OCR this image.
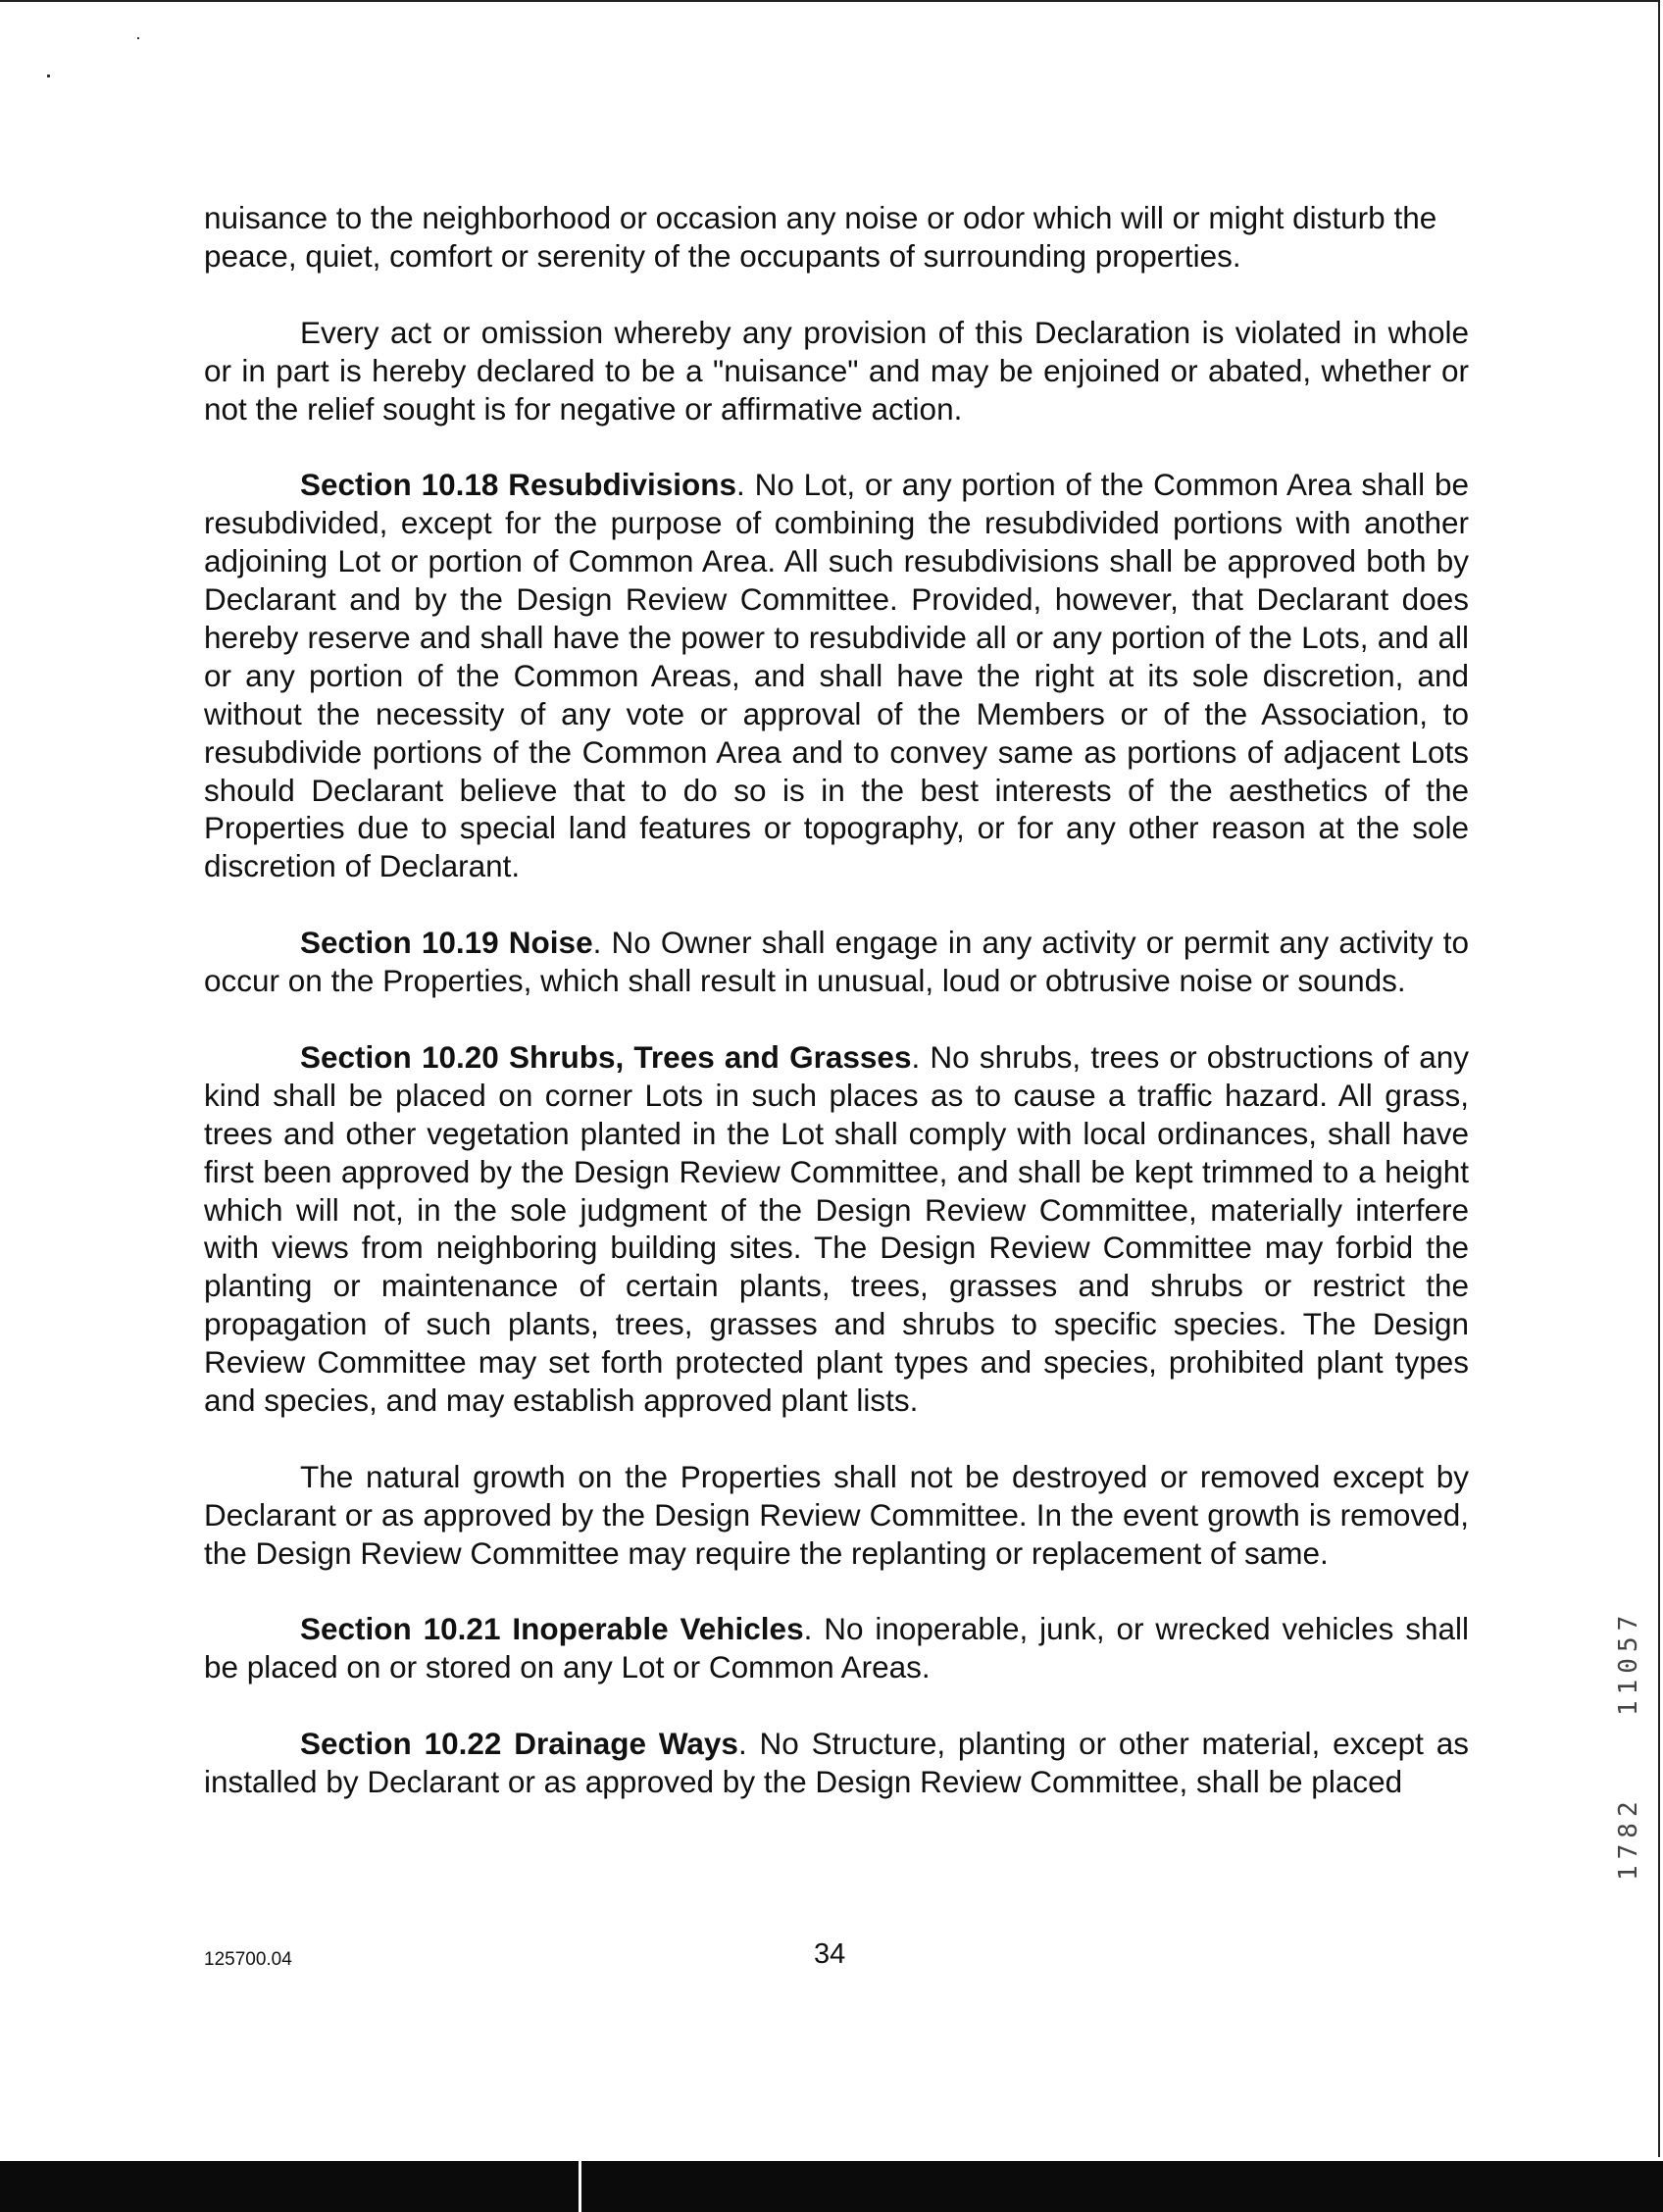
nuisance to the neighborhood or occasion any noise or odor which will or might disturb the peace, quiet, comfort or serenity of the occupants of surrounding properties.

Every act or omission whereby any provision of this Declaration is violated in whole or in part is hereby declared to be a "nuisance" and may be enjoined or abated, whether or not the relief sought is for negative or affirmative action.

Section 10.18 Resubdivisions. No Lot, or any portion of the Common Area shall be resubdivided, except for the purpose of combining the resubdivided portions with another adjoining Lot or portion of Common Area. All such resubdivisions shall be approved both by Declarant and by the Design Review Committee. Provided, however, that Declarant does hereby reserve and shall have the power to resubdivide all or any portion of the Lots, and all or any portion of the Common Areas, and shall have the right at its sole discretion, and without the necessity of any vote or approval of the Members or of the Association, to resubdivide portions of the Common Area and to convey same as portions of adjacent Lots should Declarant believe that to do so is in the best interests of the aesthetics of the Properties due to special land features or topography, or for any other reason at the sole discretion of Declarant.

Section 10.19 Noise. No Owner shall engage in any activity or permit any activity to occur on the Properties, which shall result in unusual, loud or obtrusive noise or sounds.

Section 10.20 Shrubs, Trees and Grasses. No shrubs, trees or obstructions of any kind shall be placed on corner Lots in such places as to cause a traffic hazard. All grass, trees and other vegetation planted in the Lot shall comply with local ordinances, shall have first been approved by the Design Review Committee, and shall be kept trimmed to a height which will not, in the sole judgment of the Design Review Committee, materially interfere with views from neighboring building sites. The Design Review Committee may forbid the planting or maintenance of certain plants, trees, grasses and shrubs or restrict the propagation of such plants, trees, grasses and shrubs to specific species. The Design Review Committee may set forth protected plant types and species, prohibited plant types and species, and may establish approved plant lists.

The natural growth on the Properties shall not be destroyed or removed except by Declarant or as approved by the Design Review Committee. In the event growth is removed, the Design Review Committee may require the replanting or replacement of same.

Section 10.21 Inoperable Vehicles. No inoperable, junk, or wrecked vehicles shall be placed on or stored on any Lot or Common Areas.

Section 10.22 Drainage Ways. No Structure, planting or other material, except as installed by Declarant or as approved by the Design Review Committee, shall be placed

125700.04	34
11057
1782
